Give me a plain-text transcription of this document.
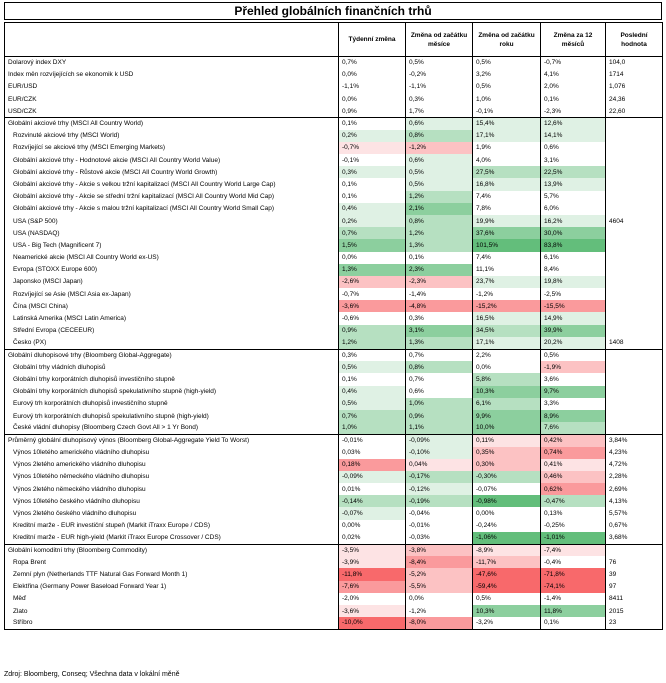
Přehled globálních finančních trhů
	Týdenní změna	Změna od začátku měsíce	Změna od začátku roku	Změna za 12 měsíců	Poslední hodnota
Dolarový index DXY	0,7%	0,5%	0,5%	-0,7%	104,0
Index měn rozvíjejících se ekonomik k USD	0,0%	-0,2%	3,2%	4,1%	1714
EUR/USD	-1,1%	-1,1%	0,5%	2,0%	1,076
EUR/CZK	0,0%	0,3%	1,0%	0,1%	24,36
USD/CZK	0,9%	1,7%	-0,1%	-2,3%	22,60
Globální akciové trhy (MSCI All Country World)	0,1%	0,6%	15,4%	12,6%	
Rozvinuté akciové trhy (MSCI World)	0,2%	0,8%	17,1%	14,1%	
Rozvíjející se akciové trhy (MSCI Emerging Markets)	-0,7%	-1,2%	1,9%	0,6%	
Globální akciové trhy - Hodnotové akcie (MSCI All Country World Value)	-0,1%	0,6%	4,0%	3,1%	
Globální akciové trhy - Růstové akcie (MSCI All Country World Growth)	0,3%	0,5%	27,5%	22,5%	
Globální akciové trhy - Akcie s velkou tržní kapitalizací (MSCI All Country World Large Cap)	0,1%	0,5%	16,8%	13,9%	
Globální akciové trhy - Akcie se střední tržní kapitalizací (MSCI All Country World Mid Cap)	0,1%	1,2%	7,4%	5,7%	
Globální akciové trhy - Akcie s malou tržní kapitalizací (MSCI All Country World Small Cap)	0,4%	2,1%	7,8%	6,0%	
USA (S&P 500)	0,2%	0,8%	19,9%	16,2%	4604
USA (NASDAQ)	0,7%	1,2%	37,6%	30,0%	
USA - Big Tech (Magnificent 7)	1,5%	1,3%	101,5%	83,8%	
Neamerické akcie (MSCI All Country World ex-US)	0,0%	0,1%	7,4%	6,1%	
Evropa (STOXX Europe 600)	1,3%	2,3%	11,1%	8,4%	
Japonsko (MSCI Japan)	-2,6%	-2,3%	23,7%	19,8%	
Rozvíjející se Asie (MSCI Asia ex-Japan)	-0,7%	-1,4%	-1,2%	-2,5%	
Čína (MSCI China)	-3,6%	-4,8%	-15,2%	-15,5%	
Latinská Amerika (MSCI Latin America)	-0,6%	0,3%	16,5%	14,9%	
Střední Evropa (CECEEUR)	0,9%	3,1%	34,5%	39,9%	
Česko (PX)	1,2%	1,3%	17,1%	20,2%	1408
Globální dluhopisové trhy (Bloomberg Global-Aggregate)	0,3%	0,7%	2,2%	0,5%	
Globální trhy vládních dluhopisů	0,5%	0,8%	0,0%	-1,9%	
Globální trhy korporátních dluhopisů investičního stupně	0,1%	0,7%	5,8%	3,6%	
Globální trhy korporátních dluhopisů spekulativního stupně (high-yield)	0,4%	0,6%	10,3%	9,7%	
Eurový trh korporátních dluhopisů investičního stupně	0,5%	1,0%	6,1%	3,3%	
Eurový trh korporátních dluhopisů spekulativního stupně (high-yield)	0,7%	0,9%	9,9%	8,9%	
České vládní dluhopisy (Bloomberg Czech Govt All > 1 Yr Bond)	1,0%	1,1%	10,0%	7,6%	
Průměrný globální dluhopisový výnos (Bloomberg Global-Aggregate Yield To Worst)	-0,01%	-0,09%	0,11%	0,42%	3,84%
Výnos 10letého amerického vládního dluhopisu	0,03%	-0,10%	0,35%	0,74%	4,23%
Výnos 2letého amerického vládního dluhopisu	0,18%	0,04%	0,30%	0,41%	4,72%
Výnos 10letého německého vládního dluhopisu	-0,09%	-0,17%	-0,30%	0,46%	2,28%
Výnos 2letého německého vládního dluhopisu	0,01%	-0,12%	-0,07%	0,62%	2,69%
Výnos 10letého českého vládního dluhopisu	-0,14%	-0,19%	-0,98%	-0,47%	4,13%
Výnos 2letého českého vládního dluhopisu	-0,07%	-0,04%	0,00%	0,13%	5,57%
Kreditní marže - EUR investiční stupeň (Markit iTraxx Europe / CDS)	0,00%	-0,01%	-0,24%	-0,25%	0,67%
Kreditní marže - EUR high-yield (Markit iTraxx Europe Crossover / CDS)	0,02%	-0,03%	-1,06%	-1,01%	3,68%
Globální komoditní trhy (Bloomberg Commodity)	-3,5%	-3,8%	-8,9%	-7,4%	
Ropa Brent	-3,9%	-8,4%	-11,7%	-0,4%	76
Zemní plyn (Netherlands TTF Natural Gas Forward Month 1)	-11,8%	-5,2%	-47,6%	-71,8%	39
Elektřina (Germany Power Baseload Forward Year 1)	-7,6%	-5,5%	-59,4%	-74,1%	97
Měď	-2,0%	0,0%	0,5%	-1,4%	8411
Zlato	-3,6%	-1,2%	10,3%	11,8%	2015
Stříbro	-10,0%	-8,0%	-3,2%	0,1%	23
Zdroj: Bloomberg, Conseq; Všechna data v lokální měně
